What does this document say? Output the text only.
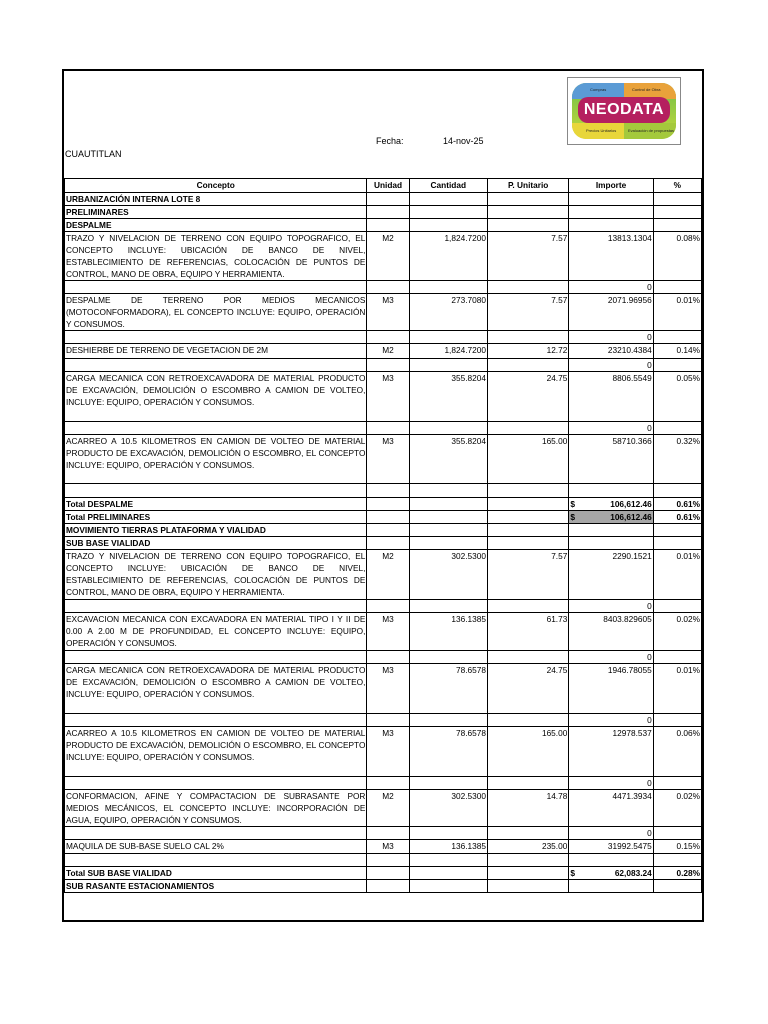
CUAUTITLAN
Fecha:	14-nov-25
Compras	Control de Obra
Precios Unitarios	Evaluación de propuestas
NEODATA
Concepto	Unidad	Cantidad	P. Unitario	Importe	%
URBANIZACIÓN INTERNA LOTE 8					
PRELIMINARES					
DESPALME					
TRAZO Y NIVELACION DE TERRENO CON EQUIPO TOPOGRAFICO, EL CONCEPTO INCLUYE: UBICACIÓN DE BANCO DE NIVEL, ESTABLECIMIENTO DE REFERENCIAS, COLOCACIÓN DE PUNTOS DE CONTROL, MANO DE OBRA, EQUIPO Y HERRAMIENTA.	M2	1,824.7200	7.57	13813.1304	0.08%
				0	
DESPALME DE TERRENO POR MEDIOS MECANICOS (MOTOCONFORMADORA), EL CONCEPTO INCLUYE: EQUIPO, OPERACIÓN Y CONSUMOS.	M3	273.7080	7.57	2071.96956	0.01%
				0	
DESHIERBE DE TERRENO DE VEGETACION DE 2M	M2	1,824.7200	12.72	23210.4384	0.14%
				0	
CARGA MECANICA CON RETROEXCAVADORA DE MATERIAL PRODUCTO DE EXCAVACIÓN, DEMOLICIÓN O ESCOMBRO A CAMION DE VOLTEO, INCLUYE: EQUIPO, OPERACIÓN Y CONSUMOS.	M3	355.8204	24.75	8806.5549	0.05%
				0	
ACARREO A 10.5 KILOMETROS EN CAMION DE VOLTEO DE MATERIAL PRODUCTO DE EXCAVACIÓN, DEMOLICIÓN O ESCOMBRO, EL CONCEPTO INCLUYE: EQUIPO, OPERACIÓN Y CONSUMOS.	M3	355.8204	165.00	58710.366	0.32%

Total DESPALME				$ 106,612.46	0.61%
Total PRELIMINARES				$ 106,612.46	0.61%
MOVIMIENTO TIERRAS PLATAFORMA Y VIALIDAD					
SUB BASE VIALIDAD					
TRAZO Y NIVELACION DE TERRENO CON EQUIPO TOPOGRAFICO, EL CONCEPTO INCLUYE: UBICACIÓN DE BANCO DE NIVEL, ESTABLECIMIENTO DE REFERENCIAS, COLOCACIÓN DE PUNTOS DE CONTROL, MANO DE OBRA, EQUIPO Y HERRAMIENTA.	M2	302.5300	7.57	2290.1521	0.01%
				0	
EXCAVACION MECANICA CON EXCAVADORA EN MATERIAL TIPO I Y II DE 0.00 A 2.00 M DE PROFUNDIDAD, EL CONCEPTO INCLUYE: EQUIPO, OPERACIÓN Y CONSUMOS.	M3	136.1385	61.73	8403.829605	0.02%
				0	
CARGA MECANICA CON RETROEXCAVADORA DE MATERIAL PRODUCTO DE EXCAVACIÓN, DEMOLICIÓN O ESCOMBRO A CAMION DE VOLTEO, INCLUYE: EQUIPO, OPERACIÓN Y CONSUMOS.	M3	78.6578	24.75	1946.78055	0.01%
				0	
ACARREO A 10.5 KILOMETROS EN CAMION DE VOLTEO DE MATERIAL PRODUCTO DE EXCAVACIÓN, DEMOLICIÓN O ESCOMBRO, EL CONCEPTO INCLUYE: EQUIPO, OPERACIÓN Y CONSUMOS.	M3	78.6578	165.00	12978.537	0.06%
				0	
CONFORMACION, AFINE Y COMPACTACION DE SUBRASANTE POR MEDIOS MECÁNICOS, EL CONCEPTO INCLUYE: INCORPORACIÓN DE AGUA, EQUIPO, OPERACIÓN Y CONSUMOS.	M2	302.5300	14.78	4471.3934	0.02%
				0	
MAQUILA DE SUB-BASE SUELO CAL 2%	M3	136.1385	235.00	31992.5475	0.15%

Total SUB BASE VIALIDAD				$ 62,083.24	0.28%
SUB RASANTE ESTACIONAMIENTOS					
